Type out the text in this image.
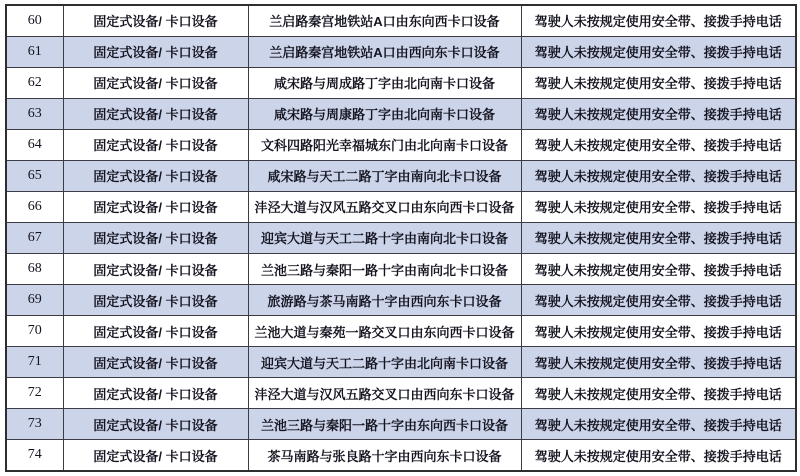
60	固定式设备/ 卡口设备	兰启路秦宫地铁站A口由东向西卡口设备	驾驶人未按规定使用安全带、接拨手持电话
61	固定式设备/ 卡口设备	兰启路秦宫地铁站A口由西向东卡口设备	驾驶人未按规定使用安全带、接拨手持电话
62	固定式设备/ 卡口设备	咸宋路与周成路丁字由北向南卡口设备	驾驶人未按规定使用安全带、接拨手持电话
63	固定式设备/ 卡口设备	咸宋路与周康路丁字由北向南卡口设备	驾驶人未按规定使用安全带、接拨手持电话
64	固定式设备/ 卡口设备	文科四路阳光幸福城东门由北向南卡口设备	驾驶人未按规定使用安全带、接拨手持电话
65	固定式设备/ 卡口设备	咸宋路与天工二路丁字由南向北卡口设备	驾驶人未按规定使用安全带、接拨手持电话
66	固定式设备/ 卡口设备	沣泾大道与汉风五路交叉口由东向西卡口设备	驾驶人未按规定使用安全带、接拨手持电话
67	固定式设备/ 卡口设备	迎宾大道与天工二路十字由南向北卡口设备	驾驶人未按规定使用安全带、接拨手持电话
68	固定式设备/ 卡口设备	兰池三路与秦阳一路十字由南向北卡口设备	驾驶人未按规定使用安全带、接拨手持电话
69	固定式设备/ 卡口设备	旅游路与茶马南路十字由西向东卡口设备	驾驶人未按规定使用安全带、接拨手持电话
70	固定式设备/ 卡口设备	兰池大道与秦苑一路交叉口由东向西卡口设备	驾驶人未按规定使用安全带、接拨手持电话
71	固定式设备/ 卡口设备	迎宾大道与天工二路十字由北向南卡口设备	驾驶人未按规定使用安全带、接拨手持电话
72	固定式设备/ 卡口设备	沣泾大道与汉风五路交叉口由西向东卡口设备	驾驶人未按规定使用安全带、接拨手持电话
73	固定式设备/ 卡口设备	兰池三路与秦阳一路十字由东向西卡口设备	驾驶人未按规定使用安全带、接拨手持电话
74	固定式设备/ 卡口设备	茶马南路与张良路十字由西向东卡口设备	驾驶人未按规定使用安全带、接拨手持电话
